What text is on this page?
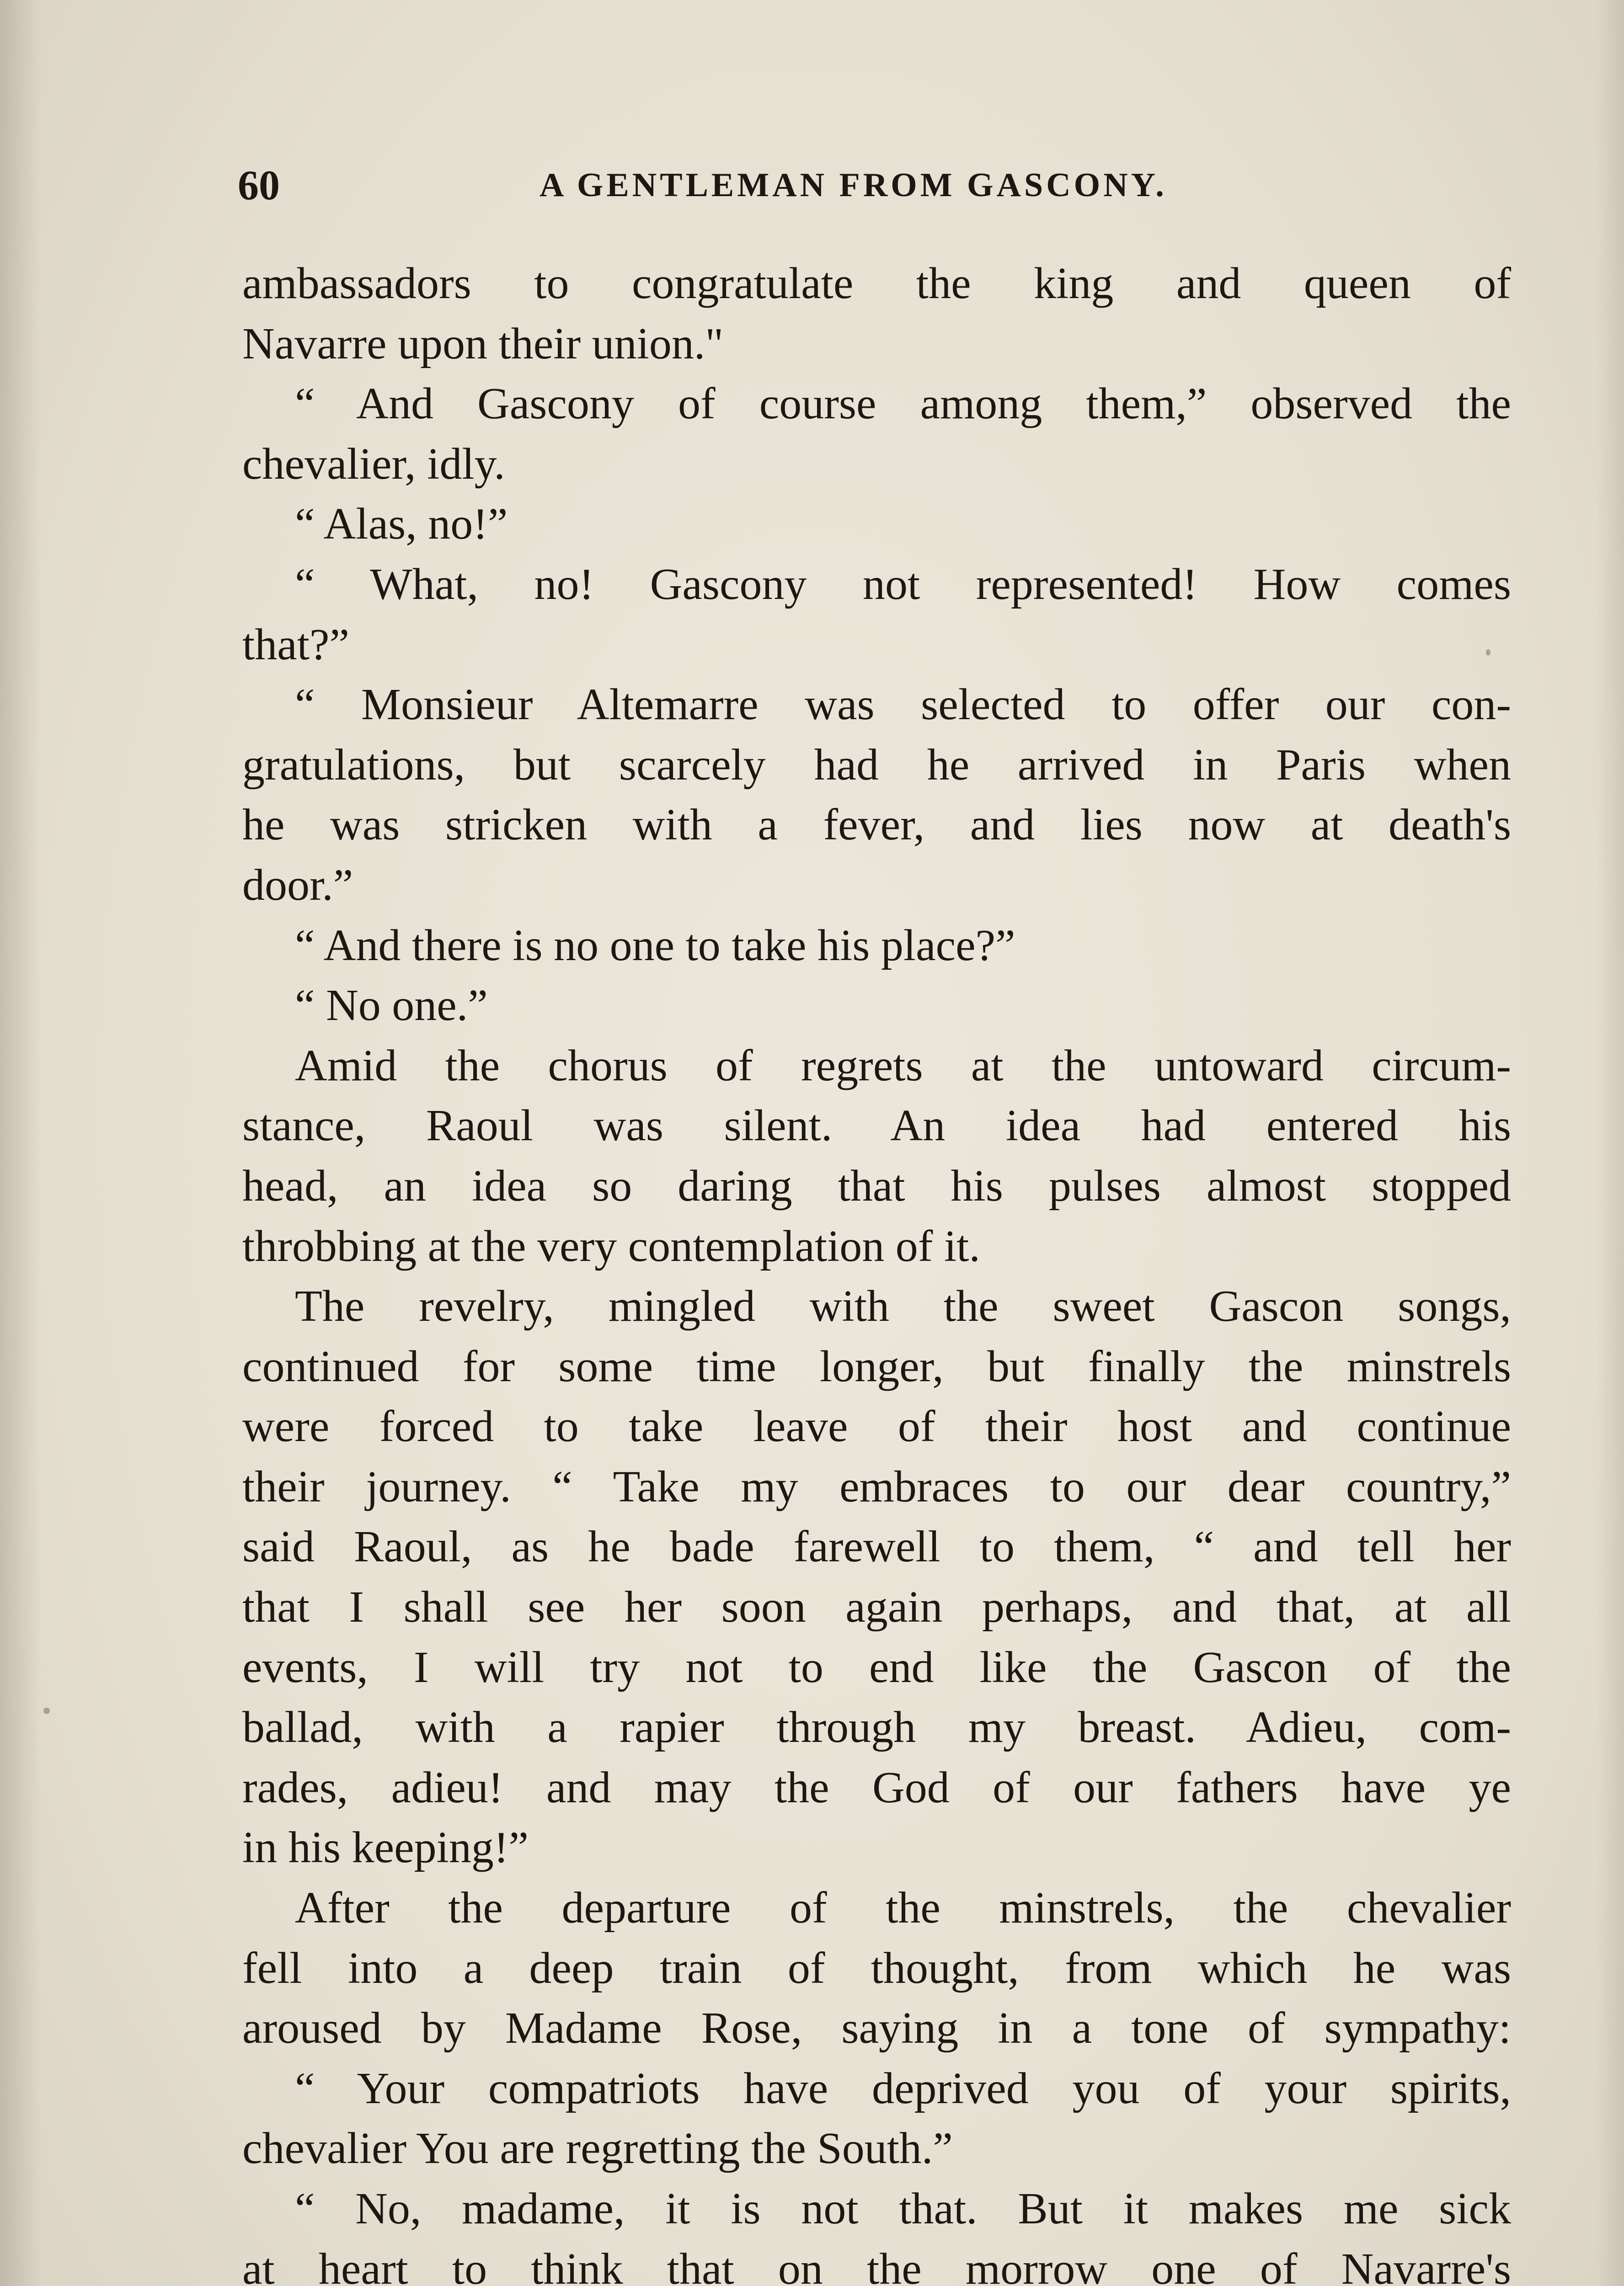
60	A GENTLEMAN FROM GASCONY.
ambassadors to congratulate the king and queen of
Navarre upon their union."
“ And Gascony of course among them,” observed the
chevalier, idly.
“ Alas, no!”
“ What, no! Gascony not represented! How comes
that?”
“ Monsieur Altemarre was selected to offer our con-
gratulations, but scarcely had he arrived in Paris when
he was stricken with a fever, and lies now at death's
door.”
“ And there is no one to take his place?”
“ No one.”
Amid the chorus of regrets at the untoward circum-
stance, Raoul was silent. An idea had entered his
head, an idea so daring that his pulses almost stopped
throbbing at the very contemplation of it.
The revelry, mingled with the sweet Gascon songs,
continued for some time longer, but finally the minstrels
were forced to take leave of their host and continue
their journey. “ Take my embraces to our dear country,”
said Raoul, as he bade farewell to them, “ and tell her
that I shall see her soon again perhaps, and that, at all
events, I will try not to end like the Gascon of the
ballad, with a rapier through my breast. Adieu, com-
rades, adieu! and may the God of our fathers have ye
in his keeping!”
After the departure of the minstrels, the chevalier
fell into a deep train of thought, from which he was
aroused by Madame Rose, saying in a tone of sympathy:
“ Your compatriots have deprived you of your spirits,
chevalier You are regretting the South.”
“ No, madame, it is not that. But it makes me sick
at heart to think that on the morrow one of Navarre's
